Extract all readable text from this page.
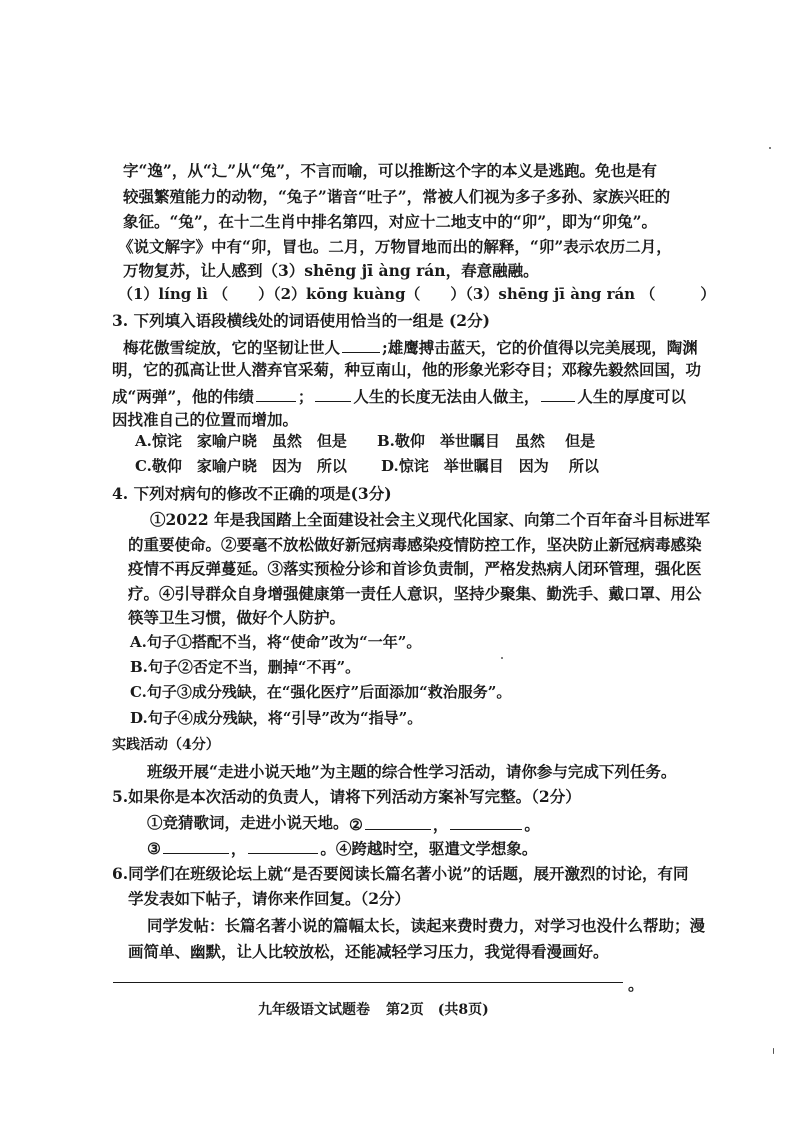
字“逸”，从“辶”从“兔”，不言而喻，可以推断这个字的本义是逃跑。免也是有
较强繁殖能力的动物，“兔子”谐音“吐子”，常被人们视为多子多孙、家族兴旺的
象征。“兔”，在十二生肖中排名第四，对应十二地支中的“卯”，即为“卯兔”。
《说文解字》中有“卯，冒也。二月，万物冒地而出的解释，“卯”表示农历二月，
万物复苏，让人感到（3）shēng jī àng rán，春意融融。
（1）líng lì （　　）（2）kōng kuàng（　　）（3）shēng jī àng rán （　　　）
3. 下列填入语段横线处的词语使用恰当的一组是 (2分)
梅花傲雪绽放，它的坚韧让世人	;雄鹰搏击蓝天，它的价值得以完美展现，陶渊
明，它的孤高让世人潜弃官采菊，种豆南山，他的形象光彩夺目；邓稼先毅然回国，功
成“两弹”，他的伟绩	；	人生的长度无法由人做主， 人生的厚度可以
因找准自己的位置而增加。
A.惊诧　家喻户晓　虽然　但是 B.敬仰　举世瞩目　虽然　 但是
C.敬仰　家喻户晓　因为　所以 D.惊诧　举世瞩目　因为　 所以
4. 下列对病句的修改不正确的项是(3分)
①2022 年是我国踏上全面建设社会主义现代化国家、向第二个百年奋斗目标进军
的重要使命。②要毫不放松做好新冠病毒感染疫情防控工作，坚决防止新冠病毒感染
疫情不再反弹蔓延。③落实预检分诊和首诊负责制，严格发热病人闭环管理，强化医
疗。④引导群众自身增强健康第一责任人意识，坚持少聚集、勤洗手、戴口罩、用公
筷等卫生习惯，做好个人防护。
A.句子①搭配不当，将“使命”改为“一年”。
B.句子②否定不当，删掉“不再”。
C.句子③成分残缺，在“强化医疗”后面添加“救治服务”。
D.句子④成分残缺，将“引导”改为“指导”。
实践活动（4分）
班级开展“走进小说天地”为主题的综合性学习活动，请你参与完成下列任务。
5.如果你是本次活动的负责人，请将下列活动方案补写完整。（2分）
①竞猜歌词，走进小说天地。 ②	，	。
③	，	。④跨越时空，驱遣文学想象。
6.同学们在班级论坛上就“是否要阅读长篇名著小说”的话题，展开激烈的讨论，有同
学发表如下帖子，请你来作回复。（2分）
同学发帖：长篇名著小说的篇幅太长，读起来费时费力，对学习也没什么帮助；漫
画简单、幽默，让人比较放松，还能减轻学习压力，我觉得看漫画好。
。
九年级语文试题卷 第2页　(共8页)
